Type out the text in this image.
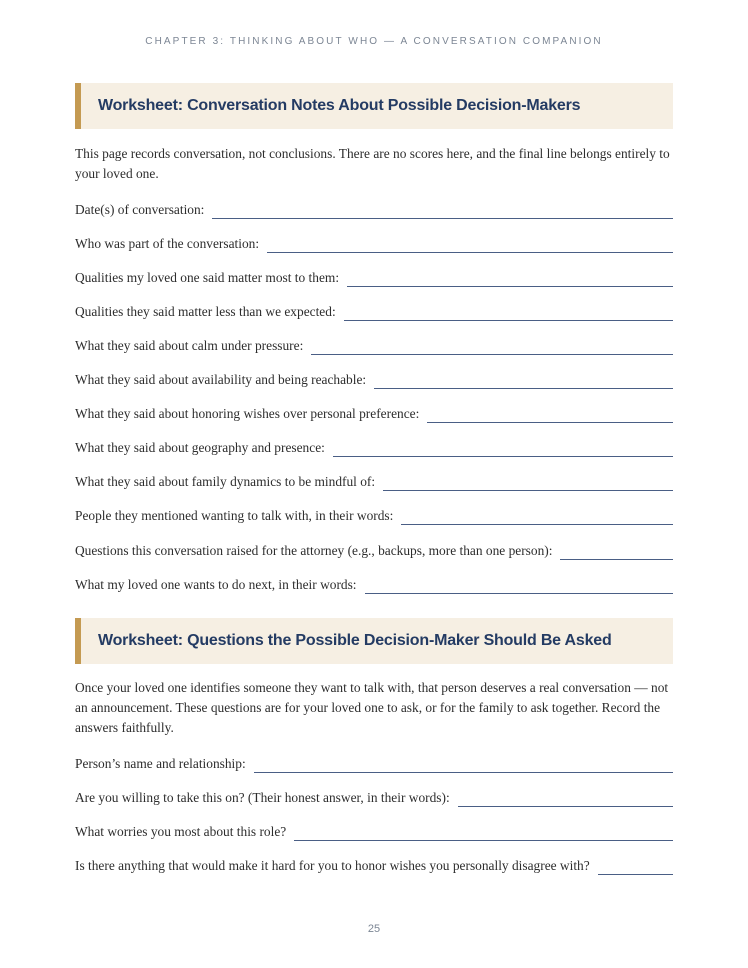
CHAPTER 3: THINKING ABOUT WHO — A CONVERSATION COMPANION
Worksheet: Conversation Notes About Possible Decision-Makers

This page records conversation, not conclusions. There are no scores here, and the final line belongs entirely to your loved one.

Date(s) of conversation:
Who was part of the conversation:
Qualities my loved one said matter most to them:
Qualities they said matter less than we expected:
What they said about calm under pressure:
What they said about availability and being reachable:
What they said about honoring wishes over personal preference:
What they said about geography and presence:
What they said about family dynamics to be mindful of:
People they mentioned wanting to talk with, in their words:
Questions this conversation raised for the attorney (e.g., backups, more than one person):
What my loved one wants to do next, in their words:
Worksheet: Questions the Possible Decision-Maker Should Be Asked

Once your loved one identifies someone they want to talk with, that person deserves a real conversation — not an announcement. These questions are for your loved one to ask, or for the family to ask together. Record the answers faithfully.

Person’s name and relationship:
Are you willing to take this on? (Their honest answer, in their words):
What worries you most about this role?
Is there anything that would make it hard for you to honor wishes you personally disagree with?
25
